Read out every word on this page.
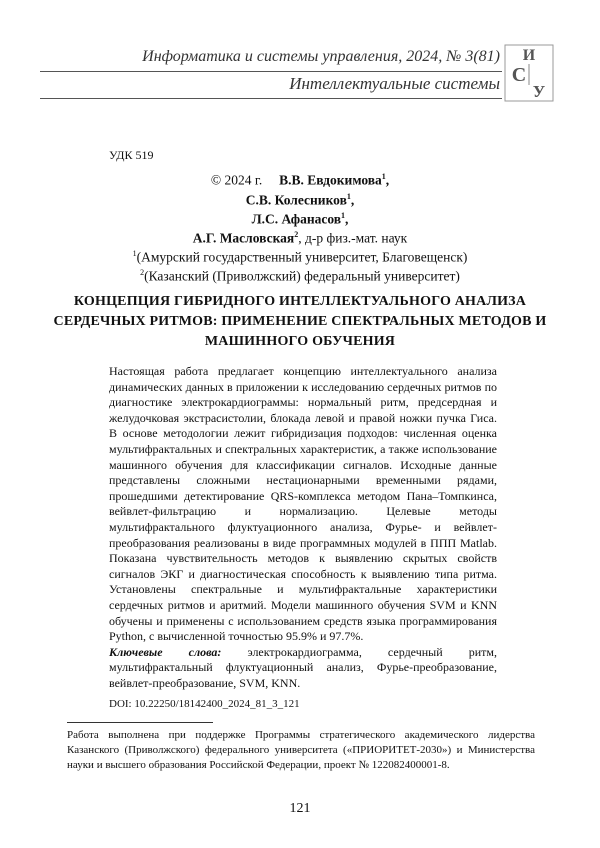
Информатика и системы управления, 2024, № 3(81)
Интеллектуальные системы
И
С
У
УДК 519
© 2024 г. В.В. Евдокимова$^1$,
С.В. Колесников$^1$,
Л.С. Афанасов$^1$,
А.Г. Масловская$^2$, д-р физ.-мат. наук
$^1$(Амурский государственный университет, Благовещенск)
$^2$(Казанский (Приволжский) федеральный университет)
КОНЦЕПЦИЯ ГИБРИДНОГО ИНТЕЛЛЕКТУАЛЬНОГО АНАЛИЗА СЕРДЕЧНЫХ РИТМОВ: ПРИМЕНЕНИЕ СПЕКТРАЛЬНЫХ МЕТОДОВ И МАШИННОГО ОБУЧЕНИЯ

Настоящая работа предлагает концепцию интеллектуального анализа динамических данных в приложении к исследованию сердечных ритмов по диагностике электрокардиограммы: нормальный ритм, предсердная и желудочковая экстрасистолии, блокада левой и правой ножки пучка Гиса. В основе методологии лежит гибридизация подходов: численная оценка мультифрактальных и спектральных характеристик, а также использование машинного обучения для классификации сигналов. Исходные данные представлены сложными нестационарными временными рядами, прошедшими детектирование QRS-комплекса методом Пана–Томпкинса, вейвлет-фильтрацию и нормализацию. Целевые методы мультифрактального флуктуационного анализа, Фурье- и вейвлет-преобразования реализованы в виде программных модулей в ППП Matlab. Показана чувствительность методов к выявлению скрытых свойств сигналов ЭКГ и диагностическая способность к выявлению типа ритма. Установлены спектральные и мультифрактальные характеристики сердечных ритмов и аритмий. Модели машинного обучения SVM и KNN обучены и применены с использованием средств языка программирования Python, с вычисленной точностью 95.9% и 97.7%.

Ключевые слова: электрокардиограмма, сердечный ритм, мультифрактальный флуктуационный анализ, Фурье-преобразование, вейвлет-преобразование, SVM, KNN.

DOI: 10.22250/18142400_2024_81_3_121
Работа выполнена при поддержке Программы стратегического академического лидерства Казанского (Приволжского) федерального университета («ПРИОРИТЕТ-2030») и Министерства науки и высшего образования Российской Федерации, проект № 122082400001-8.
121
